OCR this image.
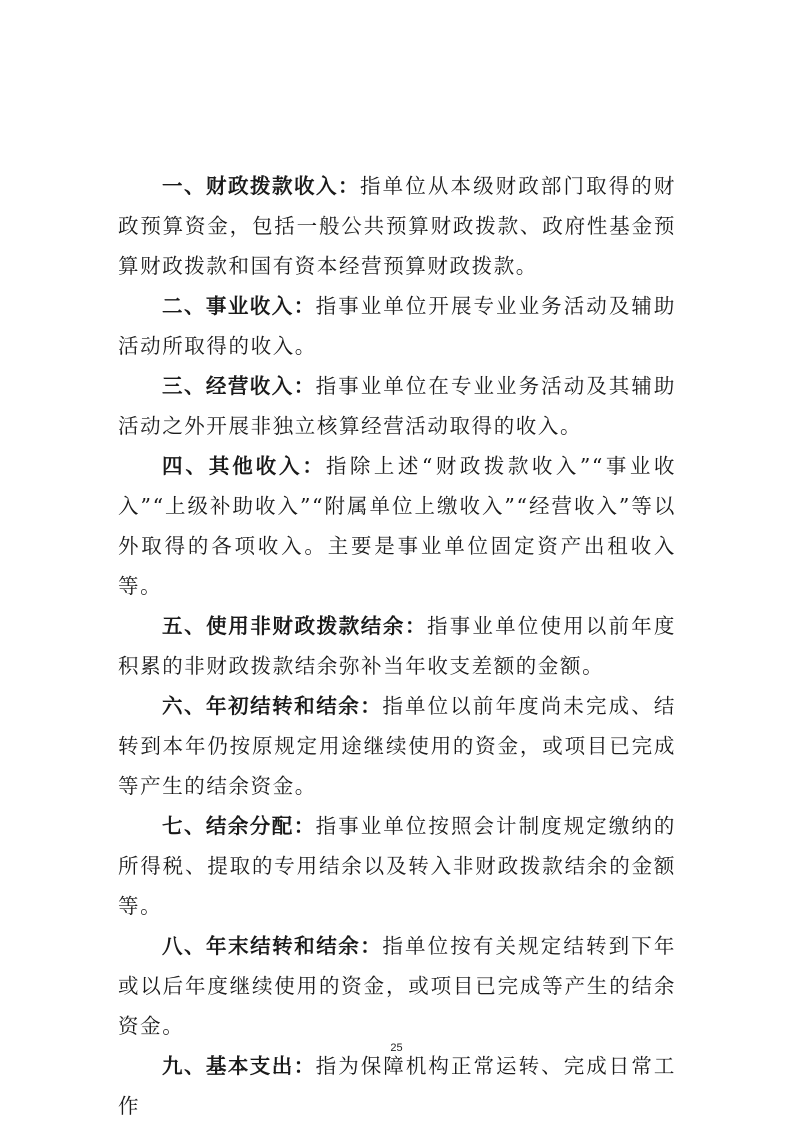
一、财政拨款收入：指单位从本级财政部门取得的财政预算资金，包括一般公共预算财政拨款、政府性基金预算财政拨款和国有资本经营预算财政拨款。

二、事业收入：指事业单位开展专业业务活动及辅助活动所取得的收入。

三、经营收入：指事业单位在专业业务活动及其辅助活动之外开展非独立核算经营活动取得的收入。

四、其他收入：指除上述“财政拨款收入”“事业收入”“上级补助收入”“附属单位上缴收入”“经营收入”等以外取得的各项收入。主要是事业单位固定资产出租收入等。

五、使用非财政拨款结余：指事业单位使用以前年度积累的非财政拨款结余弥补当年收支差额的金额。

六、年初结转和结余：指单位以前年度尚未完成、结转到本年仍按原规定用途继续使用的资金，或项目已完成等产生的结余资金。

七、结余分配：指事业单位按照会计制度规定缴纳的所得税、提取的专用结余以及转入非财政拨款结余的金额等。

八、年末结转和结余：指单位按有关规定结转到下年或以后年度继续使用的资金，或项目已完成等产生的结余资金。

九、基本支出：指为保障机构正常运转、完成日常工作

25
